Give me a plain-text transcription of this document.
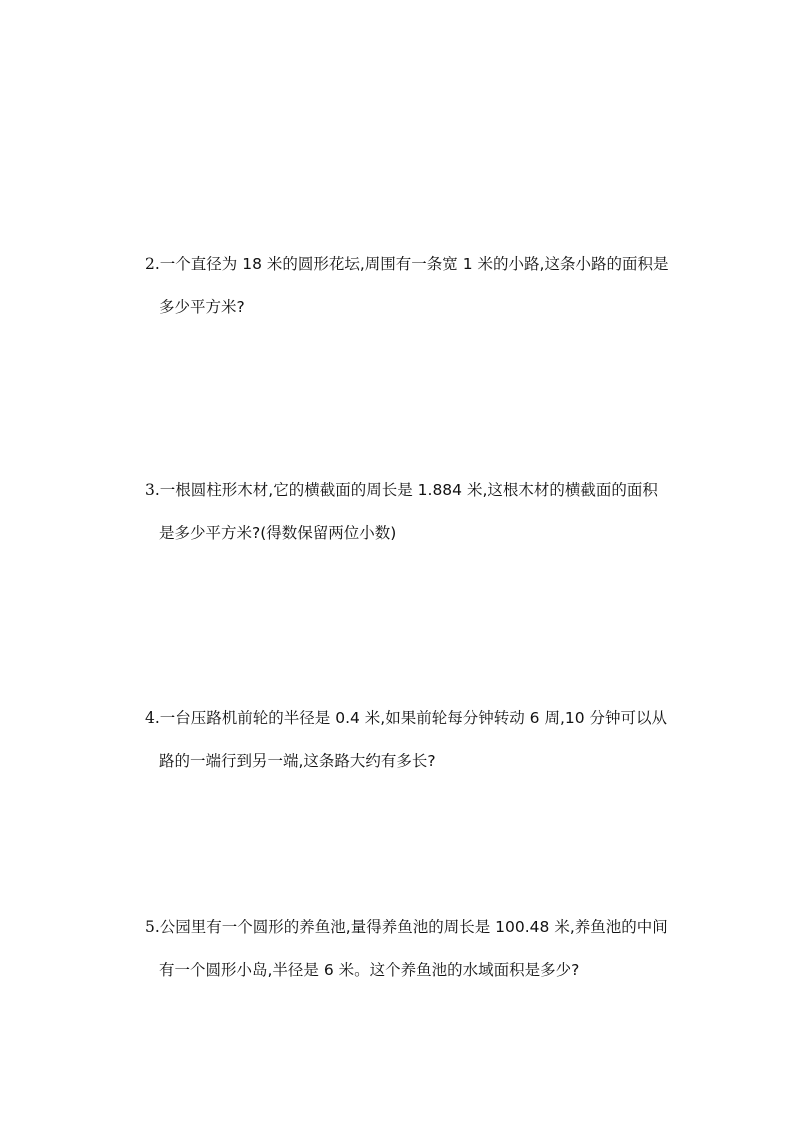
2.一个直径为 18 米的圆形花坛,周围有一条宽 1 米的小路,这条小路的面积是
多少平方米?
3.一根圆柱形木材,它的横截面的周长是 1.884 米,这根木材的横截面的面积
是多少平方米?(得数保留两位小数)
4.一台压路机前轮的半径是 0.4 米,如果前轮每分钟转动 6 周,10 分钟可以从
路的一端行到另一端,这条路大约有多长?
5.公园里有一个圆形的养鱼池,量得养鱼池的周长是 100.48 米,养鱼池的中间
有一个圆形小岛,半径是 6 米。这个养鱼池的水域面积是多少?
